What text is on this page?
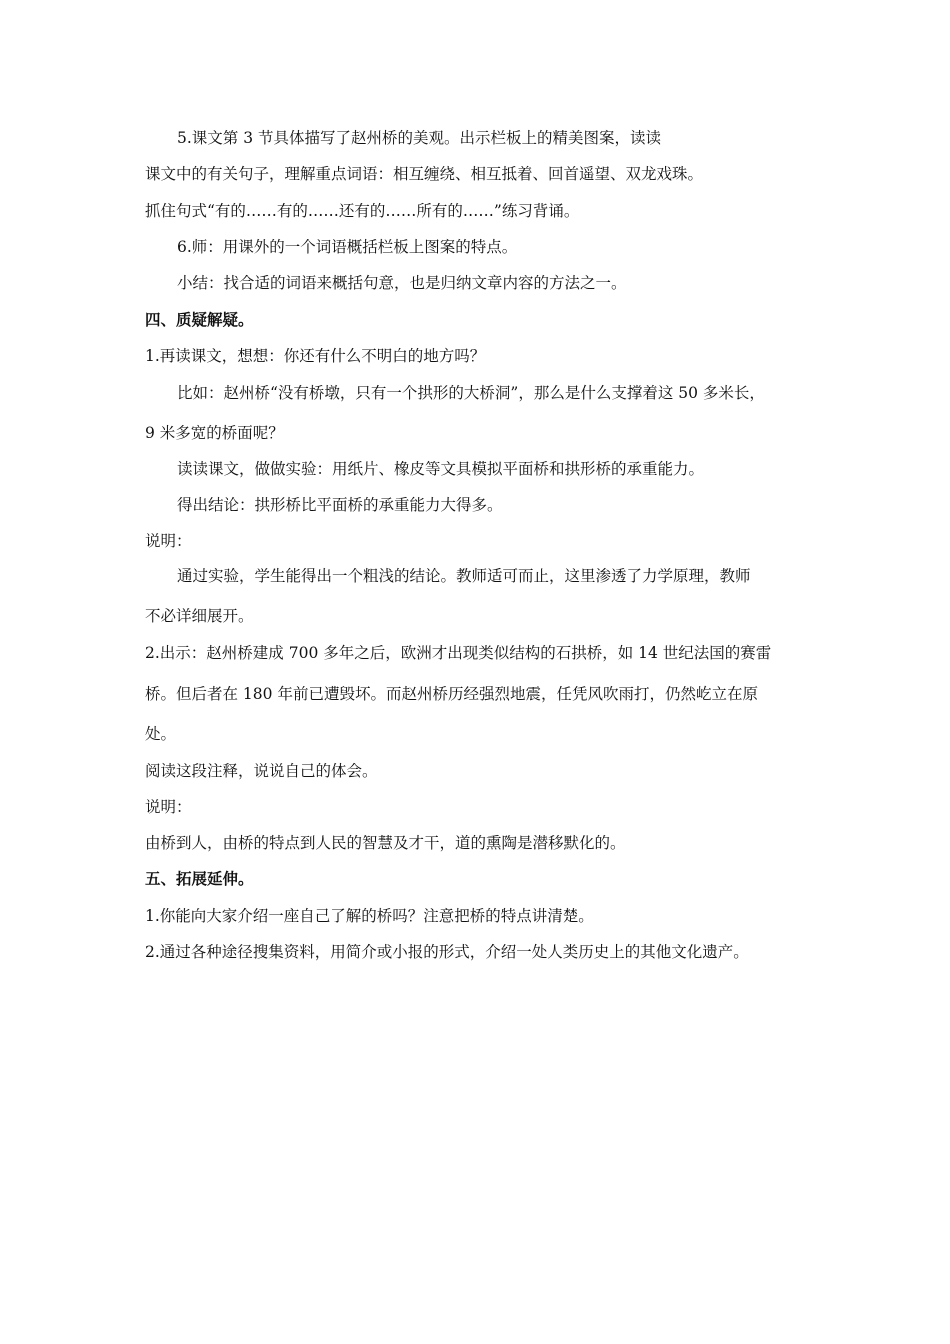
5.课文第 3 节具体描写了赵州桥的美观。出示栏板上的精美图案，读读
课文中的有关句子，理解重点词语：相互缠绕、相互抵着、回首遥望、双龙戏珠。
抓住句式“有的……有的……还有的……所有的……”练习背诵。
6.师：用课外的一个词语概括栏板上图案的特点。
小结：找合适的词语来概括句意，也是归纳文章内容的方法之一。
四、质疑解疑。
1.再读课文，想想：你还有什么不明白的地方吗？
比如：赵州桥“没有桥墩，只有一个拱形的大桥洞”，那么是什么支撑着这 50 多米长，
9 米多宽的桥面呢？
读读课文，做做实验：用纸片、橡皮等文具模拟平面桥和拱形桥的承重能力。
得出结论：拱形桥比平面桥的承重能力大得多。
说明：
通过实验，学生能得出一个粗浅的结论。教师适可而止，这里渗透了力学原理，教师
不必详细展开。
2.出示：赵州桥建成 700 多年之后，欧洲才出现类似结构的石拱桥，如 14 世纪法国的赛雷
桥。但后者在 180 年前已遭毁坏。而赵州桥历经强烈地震，任凭风吹雨打，仍然屹立在原
处。
阅读这段注释，说说自己的体会。
说明：
由桥到人，由桥的特点到人民的智慧及才干，道的熏陶是潜移默化的。
五、拓展延伸。
1.你能向大家介绍一座自己了解的桥吗？注意把桥的特点讲清楚。
2.通过各种途径搜集资料，用简介或小报的形式，介绍一处人类历史上的其他文化遗产。
